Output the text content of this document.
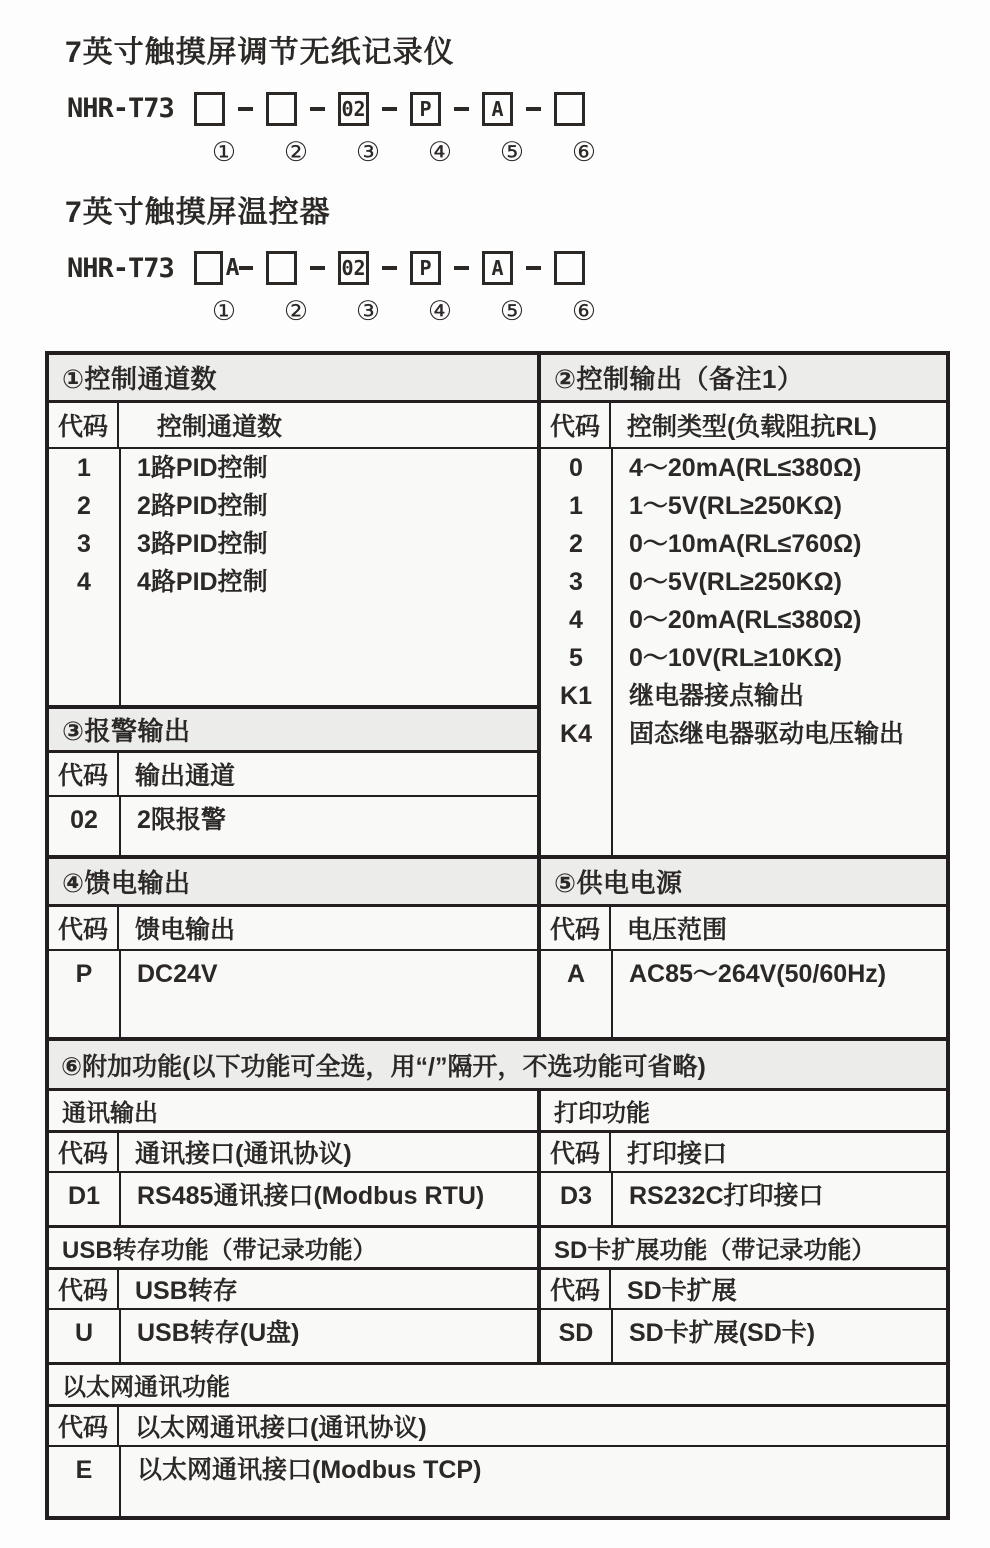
7英寸触摸屏调节无纸记录仪
NHR-T73	02	P	A
①	②	③	④	⑤	⑥
7英寸触摸屏温控器
NHR-T73	A	02	P	A
①	②	③	④	⑤	⑥
①控制通道数
代码	控制通道数
1	1路PID控制
2	2路PID控制
3	3路PID控制
4	4路PID控制
③报警输出
代码	输出通道
02	2限报警
②控制输出（备注1）
代码	控制类型(负载阻抗RL)
0	4～20mA(RL≤380Ω)
1	1～5V(RL≥250KΩ)
2	0～10mA(RL≤760Ω)
3	0～5V(RL≥250KΩ)
4	0～20mA(RL≤380Ω)
5	0～10V(RL≥10KΩ)
K1	继电器接点输出
K4	固态继电器驱动电压输出
④馈电输出
代码	馈电输出
P	DC24V
⑤供电电源
代码	电压范围
A	AC85～264V(50/60Hz)
⑥附加功能(以下功能可全选，用“/”隔开，不选功能可省略)
通讯输出
代码	通讯接口(通讯协议)
D1	RS485通讯接口(Modbus RTU)
打印功能
代码	打印接口
D3	RS232C打印接口
USB转存功能（带记录功能）
代码	USB转存
U	USB转存(U盘)
SD卡扩展功能（带记录功能）
代码	SD卡扩展
SD	SD卡扩展(SD卡)
以太网通讯功能
代码	以太网通讯接口(通讯协议)
E	以太网通讯接口(Modbus TCP)
